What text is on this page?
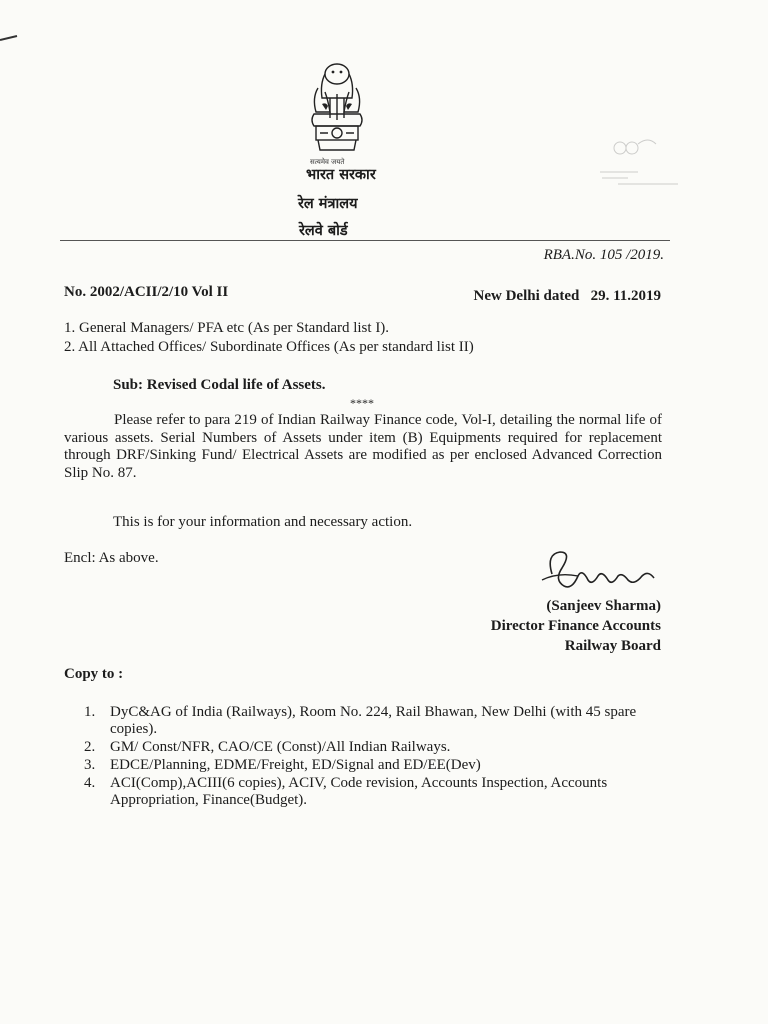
सत्यमेव जयते
भारत सरकार
रेल मंत्रालय
रेलवे बोर्ड
RBA.No. 105 /2019.
No. 2002/ACII/2/10 Vol II	New Delhi dated   29. 11.2019
1. General Managers/ PFA etc (As per Standard list I).
2. All Attached Offices/ Subordinate Offices (As per standard list II)
Sub: Revised Codal life of Assets.
****
Please refer to para 219 of Indian Railway Finance code, Vol-I, detailing the normal life of various assets. Serial Numbers of Assets under item (B) Equipments required for replacement through DRF/Sinking Fund/ Electrical Assets are modified as per enclosed Advanced Correction Slip No. 87.
This is for your information and necessary action.
Encl: As above.
(Sanjeev Sharma)
Director Finance Accounts
Railway Board
Copy to :
1. DyC&AG of India (Railways), Room No. 224, Rail Bhawan, New Delhi (with 45 spare copies).
2. GM/ Const/NFR, CAO/CE (Const)/All Indian Railways.
3. EDCE/Planning, EDME/Freight, ED/Signal and ED/EE(Dev)
4. ACI(Comp),ACIII(6 copies), ACIV, Code revision, Accounts Inspection, Accounts Appropriation, Finance(Budget).
